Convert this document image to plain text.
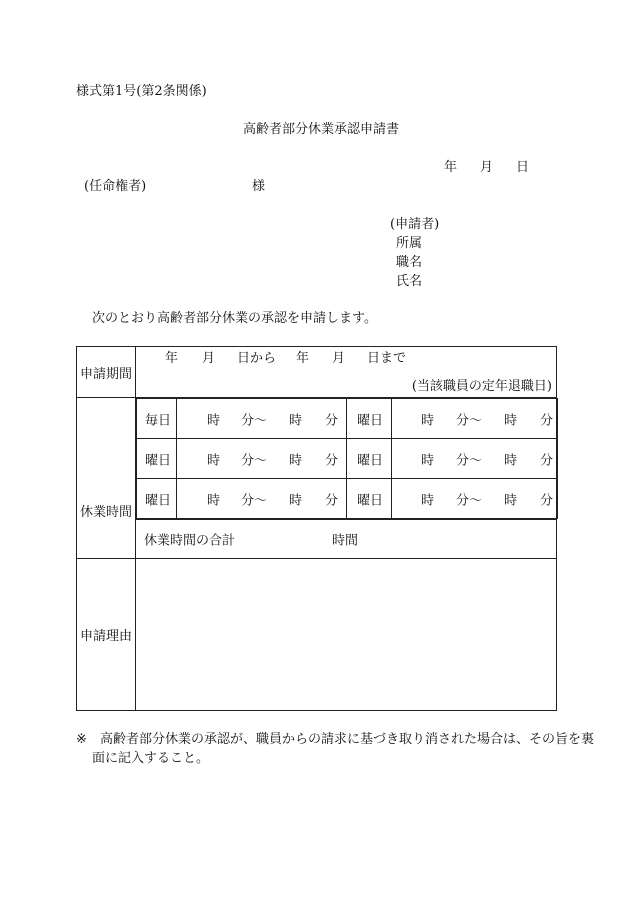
様式第1号(第2条関係)
高齢者部分休業承認申請書
年 月 日
(任命権者)	様
(申請者)
所属
職名
氏名
次のとおり高齢者部分休業の承認を申請します。
申請期間	
年 月 日から 年 月 日まで
(当該職員の定年退職日)

休業時間	
毎日	時 分〜 時 分	曜日	時 分〜 時 分

曜日	時 分〜 時 分	曜日	時 分〜 時 分

曜日	時 分〜 時 分	曜日	時 分〜 時 分

休業時間の合計	時間

申請理由	
※ 高齢者部分休業の承認が、職員からの請求に基づき取り消された場合は、その旨を裏
面に記入すること。
